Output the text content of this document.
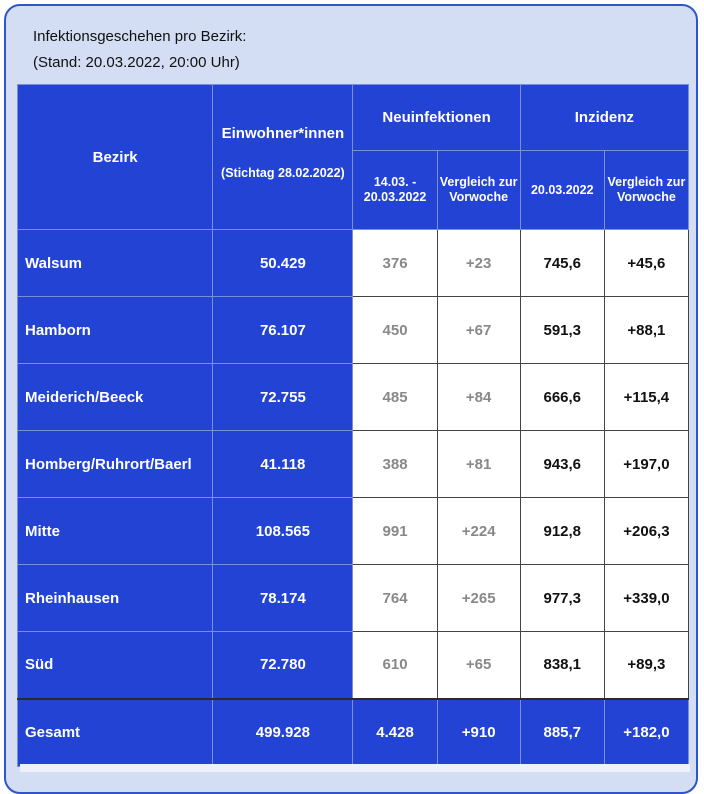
Infektionsgeschehen pro Bezirk:
(Stand: 20.03.2022, 20:00 Uhr)
Bezirk	Einwohner*innen
(Stichtag 28.02.2022)	Neuinfektionen		Inzidenz	
		14.03. - 20.03.2022	Vergleich zur Vorwoche	20.03.2022	Vergleich zur Vorwoche
Walsum	50.429	376	+23	745,6	+45,6
Hamborn	76.107	450	+67	591,3	+88,1
Meiderich/Beeck	72.755	485	+84	666,6	+115,4
Homberg/Ruhrort/Baerl	41.118	388	+81	943,6	+197,0
Mitte	108.565	991	+224	912,8	+206,3
Rheinhausen	78.174	764	+265	977,3	+339,0
Süd	72.780	610	+65	838,1	+89,3
Gesamt	499.928	4.428	+910	885,7	+182,0
